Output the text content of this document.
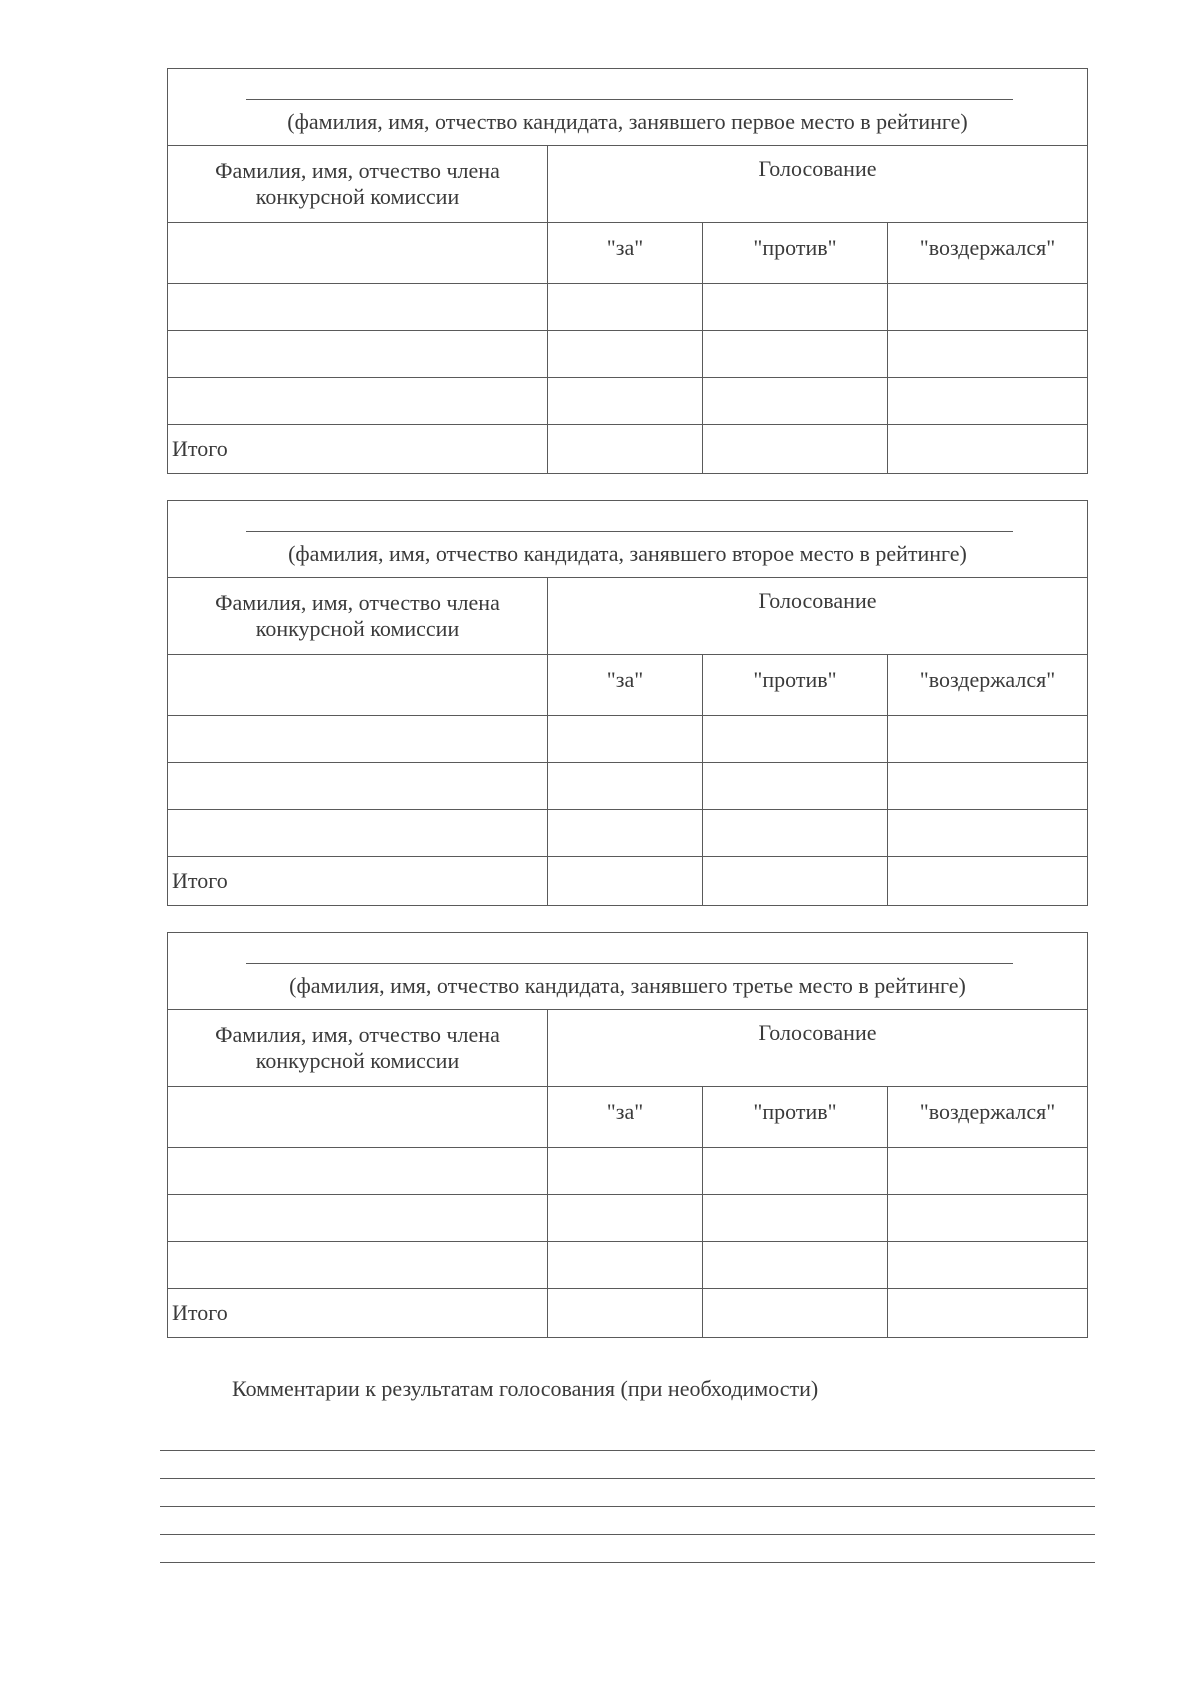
(фамилия, имя, отчество кандидата, занявшего первое место в рейтинге)			

Фамилия, имя, отчество члена конкурсной комиссии	Голосование		
	"за"	"против"	"воздержался"

Итого			
(фамилия, имя, отчество кандидата, занявшего второе место в рейтинге)			

Фамилия, имя, отчество члена конкурсной комиссии	Голосование		
	"за"	"против"	"воздержался"

Итого			
(фамилия, имя, отчество кандидата, занявшего третье место в рейтинге)			

Фамилия, имя, отчество члена конкурсной комиссии	Голосование		
	"за"	"против"	"воздержался"

Итого			
Комментарии к результатам голосования (при необходимости)
